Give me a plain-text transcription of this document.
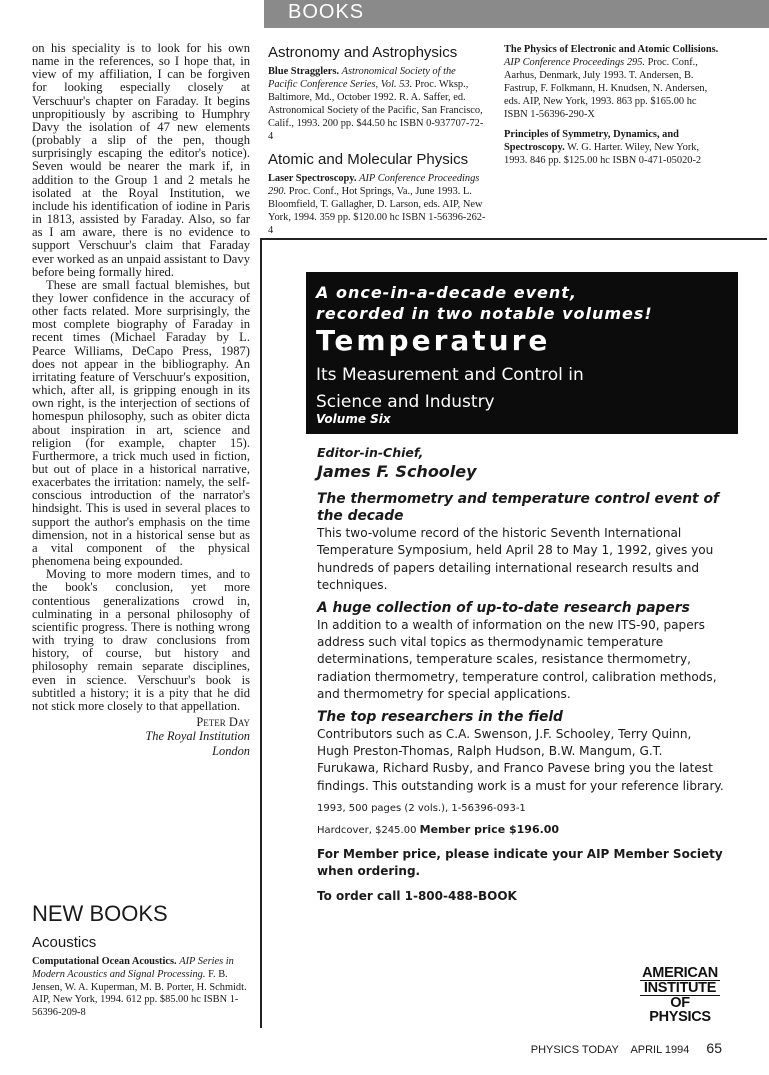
BOOKS

on his speciality is to look for his own name in the references, so I hope that, in view of my affiliation, I can be forgiven for looking especially closely at Verschuur's chapter on Faraday. It begins unpropitiously by ascribing to Humphry Davy the isolation of 47 new elements (probably a slip of the pen, though surprisingly escaping the editor's notice). Seven would be nearer the mark if, in addition to the Group 1 and 2 metals he isolated at the Royal Institution, we include his identification of iodine in Paris in 1813, assisted by Faraday. Also, so far as I am aware, there is no evidence to support Verschuur's claim that Faraday ever worked as an unpaid assistant to Davy before being formally hired.

These are small factual blemishes, but they lower confidence in the accuracy of other facts related. More surprisingly, the most complete biography of Faraday in recent times (Michael Faraday by L. Pearce Williams, DeCapo Press, 1987) does not appear in the bibliography. An irritating feature of Verschuur's exposition, which, after all, is gripping enough in its own right, is the interjection of sections of homespun philosophy, such as obiter dicta about inspiration in art, science and religion (for example, chapter 15). Furthermore, a trick much used in fiction, but out of place in a historical narrative, exacerbates the irritation: namely, the self-conscious introduction of the narrator's hindsight. This is used in several places to support the author's emphasis on the time dimension, not in a historical sense but as a vital component of the physical phenomena being expounded.

Moving to more modern times, and to the book's conclusion, yet more contentious generalizations crowd in, culminating in a personal philosophy of scientific progress. There is nothing wrong with trying to draw conclusions from history, of course, but history and philosophy remain separate disciplines, even in science. Verschuur's book is subtitled a history; it is a pity that he did not stick more closely to that appellation.

Peter Day
The Royal Institution
London
NEW BOOKS
Acoustics
Computational Ocean Acoustics. AIP Series in Modern Acoustics and Signal Processing. F. B. Jensen, W. A. Kuperman, M. B. Porter, H. Schmidt. AIP, New York, 1994. 612 pp. $85.00 hc ISBN 1-56396-209-8
Astronomy and Astrophysics
Blue Stragglers. Astronomical Society of the Pacific Conference Series, Vol. 53. Proc. Wksp., Baltimore, Md., October 1992. R. A. Saffer, ed. Astronomical Society of the Pacific, San Francisco, Calif., 1993. 200 pp. $44.50 hc ISBN 0-937707-72-4
Atomic and Molecular Physics
Laser Spectroscopy. AIP Conference Proceedings 290. Proc. Conf., Hot Springs, Va., June 1993. L. Bloomfield, T. Gallagher, D. Larson, eds. AIP, New York, 1994. 359 pp. $120.00 hc ISBN 1-56396-262-4
The Physics of Electronic and Atomic Collisions. AIP Conference Proceedings 295. Proc. Conf., Aarhus, Denmark, July 1993. T. Andersen, B. Fastrup, F. Folkmann, H. Knudsen, N. Andersen, eds. AIP, New York, 1993. 863 pp. $165.00 hc ISBN 1-56396-290-X
Principles of Symmetry, Dynamics, and Spectroscopy. W. G. Harter. Wiley, New York, 1993. 846 pp. $125.00 hc ISBN 0-471-05020-2
A once-in-a-decade event,
recorded in two notable volumes!
Temperature
Its Measurement and Control in
Science and Industry
Volume Six
Editor-in-Chief,
James F. Schooley
The thermometry and temperature control event of the decade

This two-volume record of the historic Seventh International Temperature Symposium, held April 28 to May 1, 1992, gives you hundreds of papers detailing international research results and techniques.

A huge collection of up-to-date research papers

In addition to a wealth of information on the new ITS-90, papers address such vital topics as thermodynamic temperature determinations, temperature scales, resistance thermometry, radiation thermometry, temperature control, calibration methods, and thermometry for special applications.

The top researchers in the field

Contributors such as C.A. Swenson, J.F. Schooley, Terry Quinn, Hugh Preston-Thomas, Ralph Hudson, B.W. Mangum, G.T. Furukawa, Richard Rusby, and Franco Pavese bring you the latest findings. This outstanding work is a must for your reference library.

1993, 500 pages (2 vols.), 1-56396-093-1
Hardcover, $245.00 Member price $196.00
For Member price, please indicate your AIP Member Society when ordering.
To order call 1-800-488-BOOK
AMERICAN
INSTITUTE
OF PHYSICS
PHYSICS TODAY APRIL 1994 65
